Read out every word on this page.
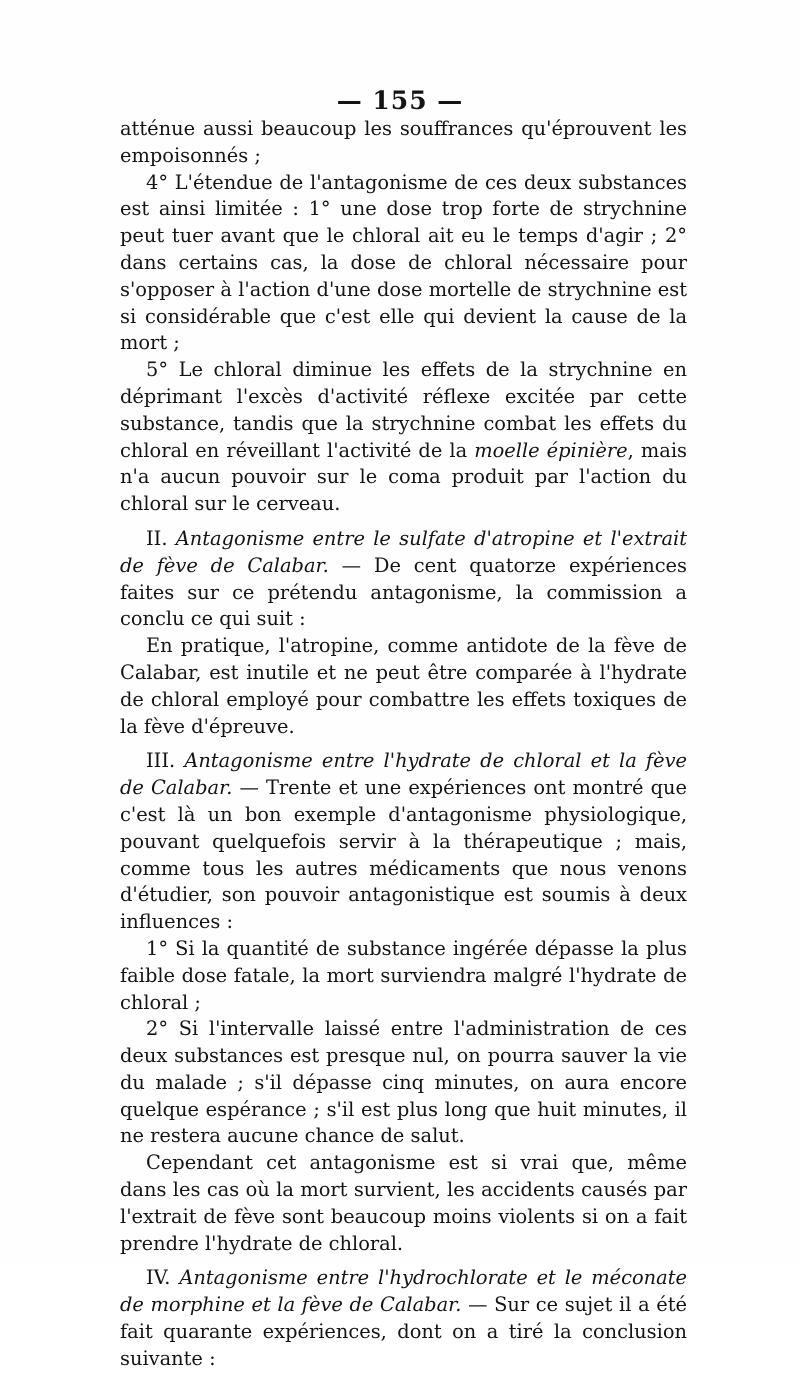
— 155 —

atténue aussi beaucoup les souffrances qu'éprouvent les empoisonnés ;

4° L'étendue de l'antagonisme de ces deux substances est ainsi limitée : 1° une dose trop forte de strychnine peut tuer avant que le chloral ait eu le temps d'agir ; 2° dans certains cas, la dose de chloral nécessaire pour s'opposer à l'action d'une dose mortelle de strychnine est si considérable que c'est elle qui devient la cause de la mort ;

5° Le chloral diminue les effets de la strychnine en déprimant l'excès d'activité réflexe excitée par cette substance, tandis que la strychnine combat les effets du chloral en réveillant l'activité de la moelle épinière, mais n'a aucun pouvoir sur le coma produit par l'action du chloral sur le cerveau.

II. Antagonisme entre le sulfate d'atropine et l'extrait de fève de Calabar. — De cent quatorze expériences faites sur ce prétendu antagonisme, la commission a conclu ce qui suit :

En pratique, l'atropine, comme antidote de la fève de Calabar, est inutile et ne peut être comparée à l'hydrate de chloral employé pour combattre les effets toxiques de la fève d'épreuve.

III. Antagonisme entre l'hydrate de chloral et la fève de Calabar. — Trente et une expériences ont montré que c'est là un bon exemple d'antagonisme physiologique, pouvant quelquefois servir à la thérapeutique ; mais, comme tous les autres médicaments que nous venons d'étudier, son pouvoir antagonistique est soumis à deux influences :

1° Si la quantité de substance ingérée dépasse la plus faible dose fatale, la mort surviendra malgré l'hydrate de chloral ;

2° Si l'intervalle laissé entre l'administration de ces deux substances est presque nul, on pourra sauver la vie du malade ; s'il dépasse cinq minutes, on aura encore quelque espérance ; s'il est plus long que huit minutes, il ne restera aucune chance de salut.

Cependant cet antagonisme est si vrai que, même dans les cas où la mort survient, les accidents causés par l'extrait de fève sont beaucoup moins violents si on a fait prendre l'hydrate de chloral.

IV. Antagonisme entre l'hydrochlorate et le méconate de morphine et la fève de Calabar. — Sur ce sujet il a été fait quarante expériences, dont on a tiré la conclusion suivante :
